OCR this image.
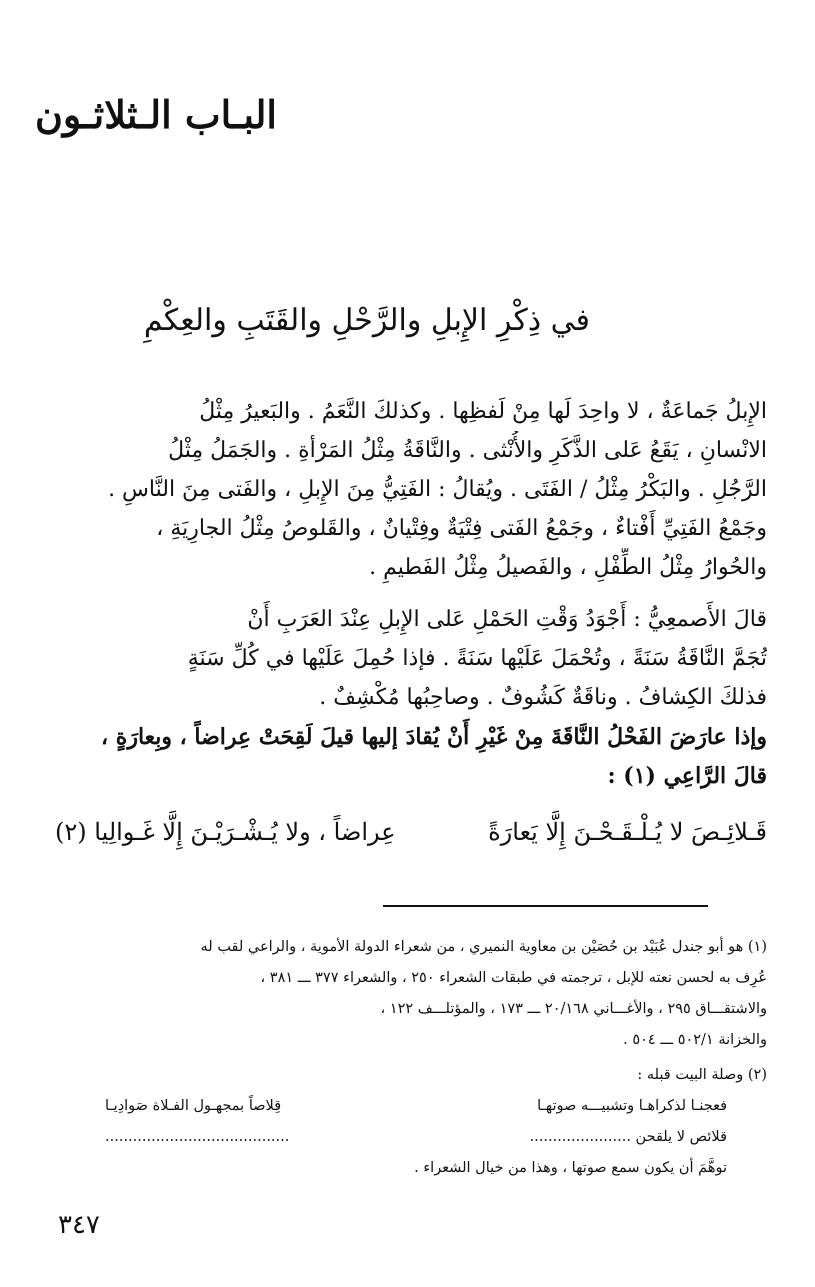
البـاب الـثلاثـون
في ذِكْرِ الإِبلِ والرَّحْلِ والقَتَبِ والعِكْمِ
الإِبلُ جَماعَةٌ ، لا واحِدَ لَها مِنْ لَفظِها . وكذلكَ النَّعَمُ . والبَعيرُ مِثْلُ
الانْسانِ ، يَقَعُ عَلى الذَّكَرِ والأُنْثى . والنَّاقَةُ مِثْلُ المَرْأةِ . والجَمَلُ مِثْلُ
الرَّجُلِ . والبَكْرُ مِثْلُ / الفَتَى . ويُقالُ : الفَتِيُّ مِنَ الإِبلِ ، والفَتى مِنَ النَّاسِ .
وجَمْعُ الفَتِيِّ أَفْتاءٌ ، وجَمْعُ الفَتى فِتْيَةٌ وفِتْيانٌ ، والقَلوصُ مِثْلُ الجارِيَةِ ،
والحُوارُ مِثْلُ الطِّفْلِ ، والفَصيلُ مِثْلُ الفَطيمِ .
قالَ الأَصمعِيُّ : أَجْوَدُ وَقْتِ الحَمْلِ عَلى الإِبلِ عِنْدَ العَرَبِ أَنْ
تُجَمَّ النَّاقَةُ سَنَةً ، وتُحْمَلَ عَلَيْها سَنَةً . فإذا حُمِلَ عَلَيْها في كُلِّ سَنَةٍ
فذلكَ الكِشافُ . وناقَةٌ كَشُوفٌ . وصاحِبُها مُكْشِفٌ .
وإذا عارَضَ الفَحْلُ النَّاقَةَ مِنْ غَيْرِ أَنْ يُقادَ إليها قيلَ لَقِحَتْ عِراضاً ، وبِعارَةٍ ،
قالَ الرَّاعِي (١) :
قَـلائِـصَ لا يُـلْـقَـحْـنَ إِلَّا يَعارَةً
عِراضاً ، ولا يُـشْـرَيْـنَ إِلَّا غَـوالِيا (٢)
(١) هو أبو جندل عُبَيْد بن حُصَيْن بن معاوية النميري ، من شعراء الدولة الأموية ، والراعي لقب له
عُرِف به لحسن نعته للإبل ، ترجمته في طبقات الشعراء ٢٥٠ ، والشعراء ٣٧٧ ـــ ٣٨١ ،
والاشتقـــاق ٢٩٥ ، والأغـــاني ٢٠/١٦٨ ـــ ١٧٣ ، والمؤتلـــف ١٢٢ ،
والخزانة ٥٠٢/١ ـــ ٥٠٤ .
(٢) وصلة البيت قبله :
فعجنـا لذكراهـا وتشبيـــه صوتهـا
قِلاصاً بمجهـول الفـلاة صَوادِيـا
قلائص لا يلقحن ......................
........................................
توهَّمَ أن يكون سمع صوتها ، وهذا من خيال الشعراء .
٣٤٧
